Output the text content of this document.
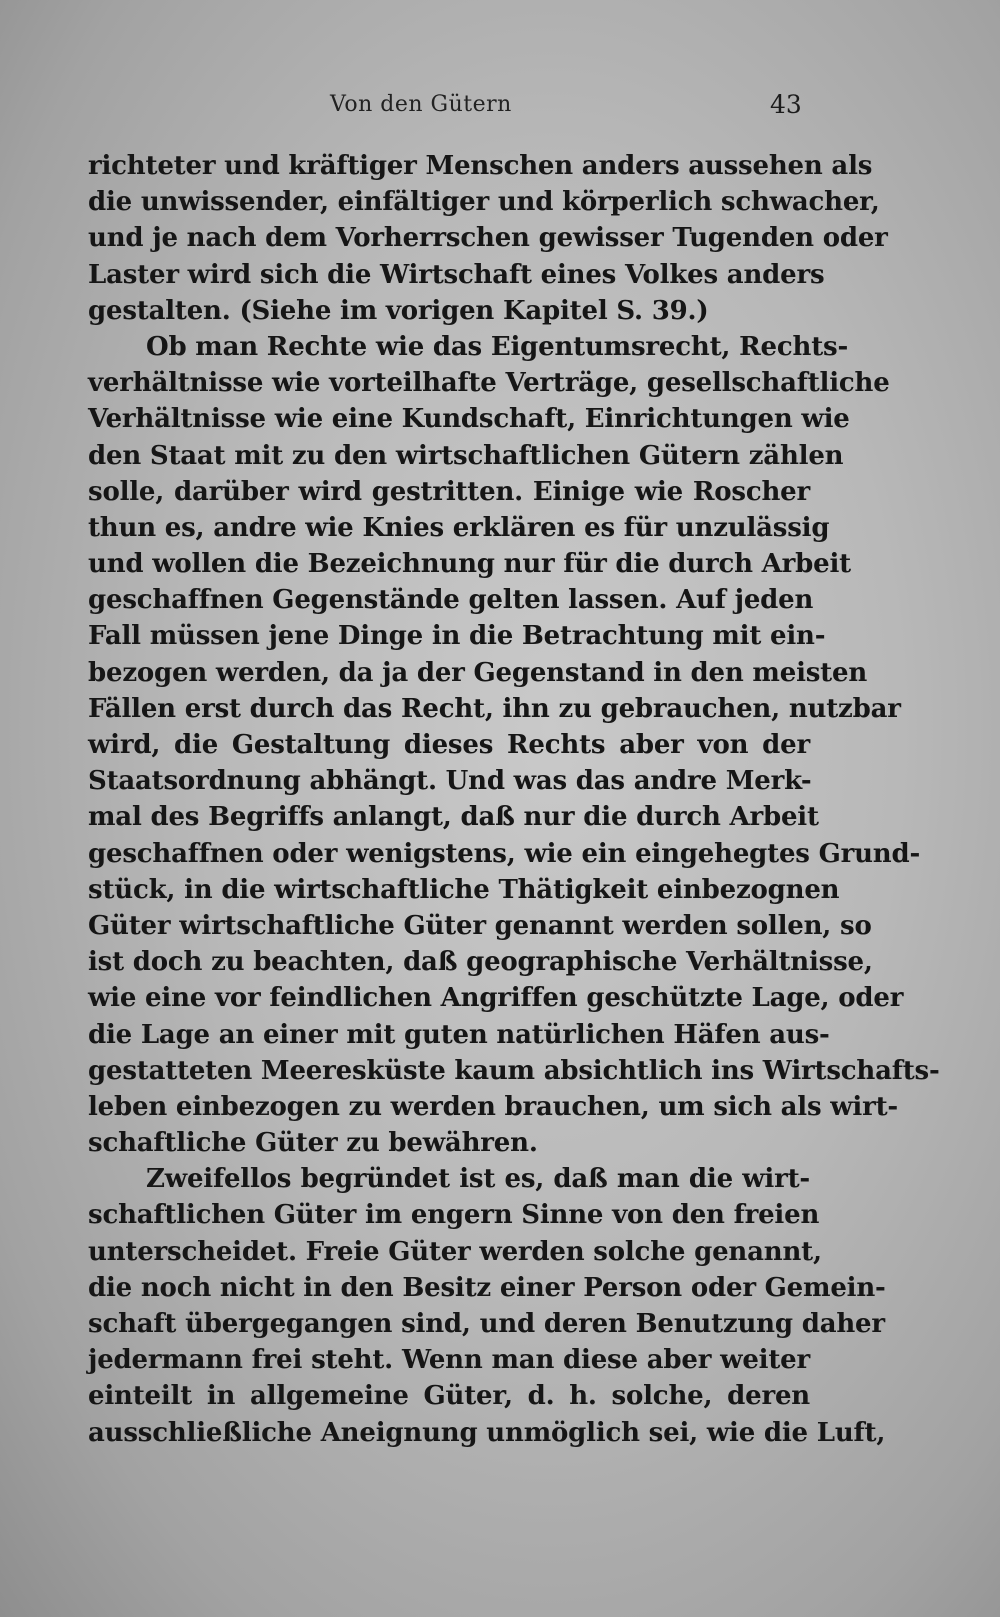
Von den Gütern	43
richteter und kräftiger Menschen anders aussehen als
die unwissender, einfältiger und körperlich schwacher,
und je nach dem Vorherrschen gewisser Tugenden oder
Laster wird sich die Wirtschaft eines Volkes anders
gestalten. (Siehe im vorigen Kapitel S. 39.)
Ob man Rechte wie das Eigentumsrecht, Rechts-
verhältnisse wie vorteilhafte Verträge, gesellschaftliche
Verhältnisse wie eine Kundschaft, Einrichtungen wie
den Staat mit zu den wirtschaftlichen Gütern zählen
solle, darüber wird gestritten. Einige wie Roscher
thun es, andre wie Knies erklären es für unzulässig
und wollen die Bezeichnung nur für die durch Arbeit
geschaffnen Gegenstände gelten lassen. Auf jeden
Fall müssen jene Dinge in die Betrachtung mit ein-
bezogen werden, da ja der Gegenstand in den meisten
Fällen erst durch das Recht, ihn zu gebrauchen, nutzbar
wird, die Gestaltung dieses Rechts aber von der
Staatsordnung abhängt. Und was das andre Merk-
mal des Begriffs anlangt, daß nur die durch Arbeit
geschaffnen oder wenigstens, wie ein eingehegtes Grund-
stück, in die wirtschaftliche Thätigkeit einbezognen
Güter wirtschaftliche Güter genannt werden sollen, so
ist doch zu beachten, daß geographische Verhältnisse,
wie eine vor feindlichen Angriffen geschützte Lage, oder
die Lage an einer mit guten natürlichen Häfen aus-
gestatteten Meeresküste kaum absichtlich ins Wirtschafts-
leben einbezogen zu werden brauchen, um sich als wirt-
schaftliche Güter zu bewähren.
Zweifellos begründet ist es, daß man die wirt-
schaftlichen Güter im engern Sinne von den freien
unterscheidet. Freie Güter werden solche genannt,
die noch nicht in den Besitz einer Person oder Gemein-
schaft übergegangen sind, und deren Benutzung daher
jedermann frei steht. Wenn man diese aber weiter
einteilt in allgemeine Güter, d. h. solche, deren
ausschließliche Aneignung unmöglich sei, wie die Luft,
